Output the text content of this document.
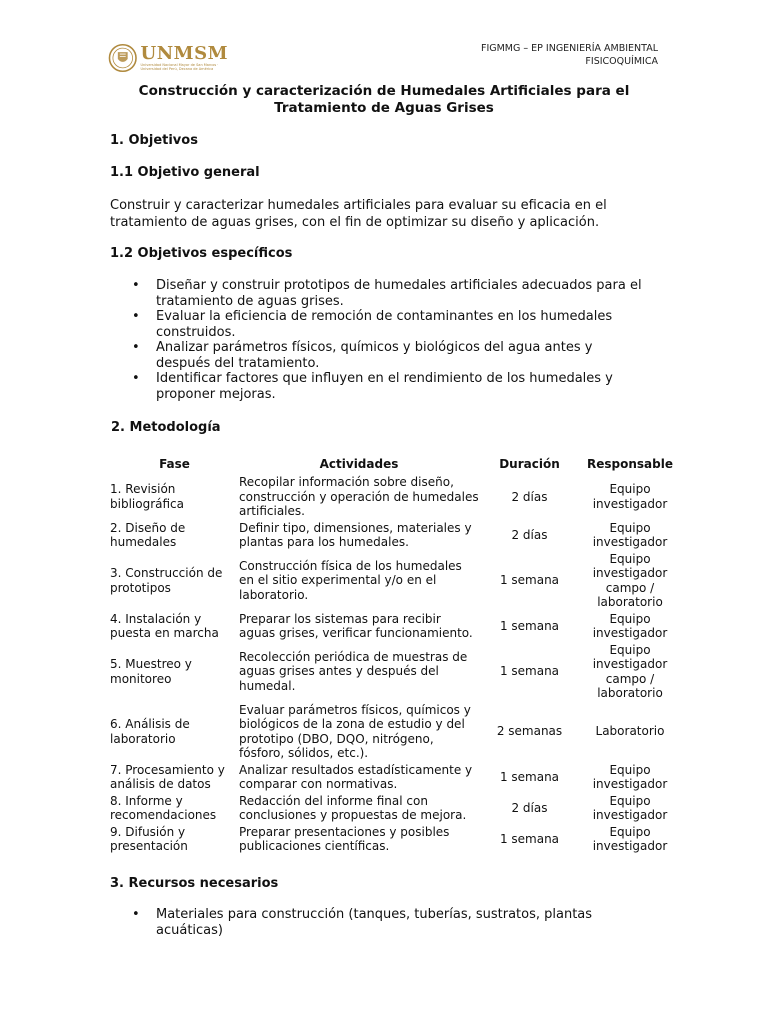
UNMSM
Universidad Nacional Mayor de San Marcos · Universidad del Perú, Decana de América
FIGMMG – EP INGENIERÍA AMBIENTAL
FISICOQUÍMICA
Construcción y caracterización de Humedales Artificiales para el Tratamiento de Aguas Grises
1. Objetivos
1.1 Objetivo general
Construir y caracterizar humedales artificiales para evaluar su eficacia en el tratamiento de aguas grises, con el fin de optimizar su diseño y aplicación.
1.2 Objetivos específicos
• Diseñar y construir prototipos de humedales artificiales adecuados para el tratamiento de aguas grises.
• Evaluar la eficiencia de remoción de contaminantes en los humedales construidos.
• Analizar parámetros físicos, químicos y biológicos del agua antes y después del tratamiento.
• Identificar factores que influyen en el rendimiento de los humedales y proponer mejoras.
2. Metodología
Fase	Actividades	Duración	Responsable
1. Revisión bibliográfica	Recopilar información sobre diseño, construcción y operación de humedales artificiales.	2 días	Equipo investigador
2. Diseño de humedales	Definir tipo, dimensiones, materiales y plantas para los humedales.	2 días	Equipo investigador
3. Construcción de prototipos	Construcción física de los humedales en el sitio experimental y/o en el laboratorio.	1 semana	Equipo investigador campo / laboratorio
4. Instalación y puesta en marcha	Preparar los sistemas para recibir aguas grises, verificar funcionamiento.	1 semana	Equipo investigador
5. Muestreo y monitoreo	Recolección periódica de muestras de aguas grises antes y después del humedal.	1 semana	Equipo investigador campo / laboratorio
6. Análisis de laboratorio	Evaluar parámetros físicos, químicos y biológicos de la zona de estudio y del prototipo (DBO, DQO, nitrógeno, fósforo, sólidos, etc.).	2 semanas	Laboratorio
7. Procesamiento y análisis de datos	Analizar resultados estadísticamente y comparar con normativas.	1 semana	Equipo investigador
8. Informe y recomendaciones	Redacción del informe final con conclusiones y propuestas de mejora.	2 días	Equipo investigador
9. Difusión y presentación	Preparar presentaciones y posibles publicaciones científicas.	1 semana	Equipo investigador
3. Recursos necesarios
• Materiales para construcción (tanques, tuberías, sustratos, plantas acuáticas)
